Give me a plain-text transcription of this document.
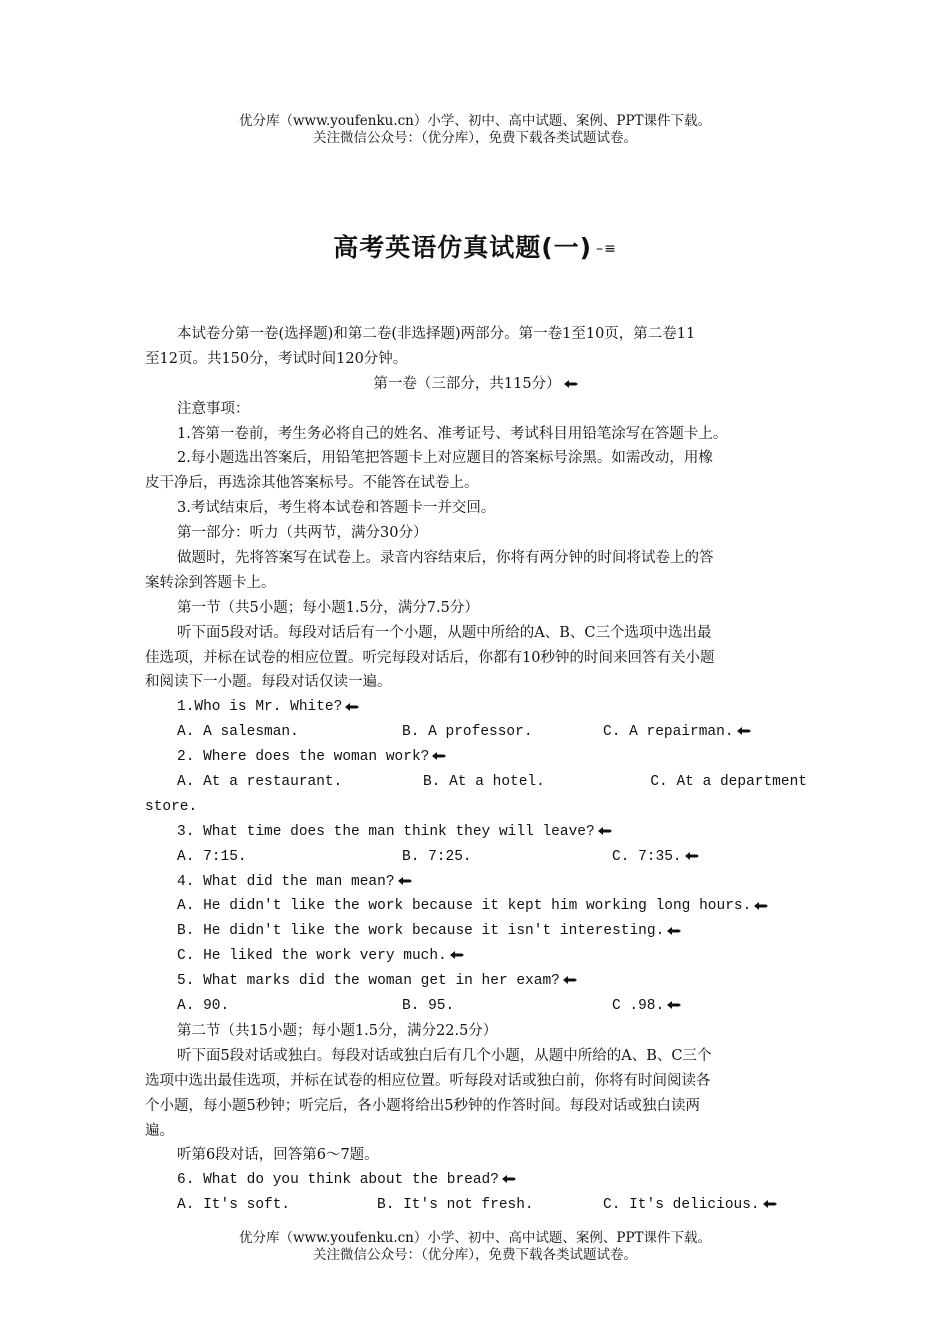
优分库（www.youfenku.cn）小学、初中、高中试题、案例、PPT课件下载。
关注微信公众号：（优分库），免费下载各类试题试卷。
高考英语仿真试题(一) –≡
本试卷分第一卷(选择题)和第二卷(非选择题)两部分。第一卷1至10页，第二卷11
至12页。共150分，考试时间120分钟。
第一卷（三部分，共115分）
注意事项：
1.答第一卷前，考生务必将自己的姓名、准考证号、考试科目用铅笔涂写在答题卡上。
2.每小题选出答案后，用铅笔把答题卡上对应题目的答案标号涂黑。如需改动，用橡
皮干净后，再选涂其他答案标号。不能答在试卷上。
3.考试结束后，考生将本试卷和答题卡一并交回。
第一部分：听力（共两节，满分30分）
做题时，先将答案写在试卷上。录音内容结束后，你将有两分钟的时间将试卷上的答
案转涂到答题卡上。
第一节（共5小题；每小题1.5分，满分7.5分）
听下面5段对话。每段对话后有一个小题，从题中所给的A、B、C三个选项中选出最
佳选项，并标在试卷的相应位置。听完每段对话后，你都有10秒钟的时间来回答有关小题
和阅读下一小题。每段对话仅读一遍。
1.Who is Mr. White?

A. A salesman.

	B. A professor.

	C. A repairman.

2. Where does the woman work?

A. At a restaurant.

	B. At a hotel.

	C. At a department

store.
3. What time does the man think they will leave?

A. 7:15.

	B. 7:25.

	C. 7:35.

4. What did the man mean?
A. He didn't like the work because it kept him working long hours.
B. He didn't like the work because it isn't interesting.
C. He liked the work very much.
5. What marks did the woman get in her exam?

A. 90.

	B. 95.

	C .98.

第二节（共15小题；每小题1.5分，满分22.5分）
听下面5段对话或独白。每段对话或独白后有几个小题，从题中所给的A、B、C三个
选项中选出最佳选项，并标在试卷的相应位置。听每段对话或独白前，你将有时间阅读各
个小题，每小题5秒钟；听完后，各小题将给出5秒钟的作答时间。每段对话或独白读两
遍。
听第6段对话，回答第6～7题。
6. What do you think about the bread?

A. It's soft.

	B. It's not fresh.

	C. It's delicious.

优分库（www.youfenku.cn）小学、初中、高中试题、案例、PPT课件下载。
关注微信公众号：（优分库），免费下载各类试题试卷。
